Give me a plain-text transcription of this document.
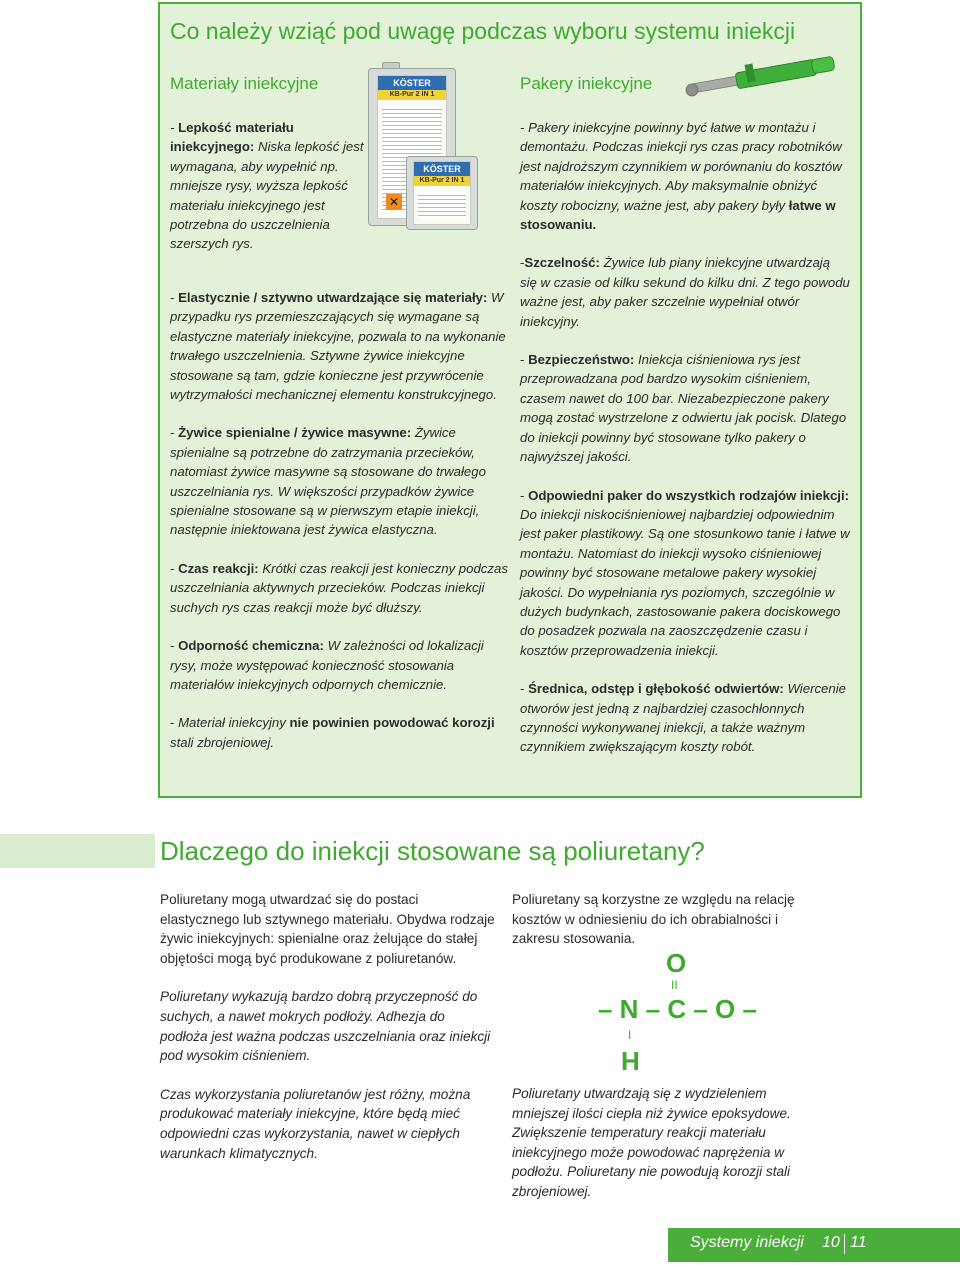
Co należy wziąć pod uwagę podczas wyboru systemu iniekcji
Materiały iniekcyjne	Pakery iniekcyjne
KÖSTER
KB-Pur 2 IN 1
✕
KÖSTER
KB-Pur 2 IN 1
- Lepkość materiału iniekcyjnego: Niska lepkość jest wymagana, aby wypełnić np. mniejsze rysy, wyższa lepkość materiału iniekcyjnego jest potrzebna do uszczelnienia szerszych rys.

- Elastycznie / sztywno utwardzające się materiały: W przypadku rys przemieszczających się wymagane są elastyczne materiały iniekcyjne, pozwala to na wykonanie trwałego uszczelnienia. Sztywne żywice iniekcyjne stosowane są tam, gdzie konieczne jest przywrócenie wytrzymałości mechanicznej elementu konstrukcyjnego.

- Żywice spienialne / żywice masywne: Żywice spienialne są potrzebne do zatrzymania przecieków, natomiast żywice masywne są stosowane do trwałego uszczelniania rys. W większości przypadków żywice spienialne stosowane są w pierwszym etapie iniekcji, następnie iniektowana jest żywica elastyczna.

- Czas reakcji: Krótki czas reakcji jest konieczny podczas uszczelniania aktywnych przecieków. Podczas iniekcji suchych rys czas reakcji może być dłuższy.

- Odporność chemiczna: W zależności od lokalizacji rysy, może występować konieczność stosowania materiałów iniekcyjnych odpornych chemicznie.

- Materiał iniekcyjny nie powinien powodować korozji stali zbrojeniowej.

- Pakery iniekcyjne powinny być łatwe w montażu i demontażu. Podczas iniekcji rys czas pracy robotników jest najdroższym czynnikiem w porównaniu do kosztów materiałów iniekcyjnych. Aby maksymalnie obniżyć koszty robocizny, ważne jest, aby pakery były łatwe w stosowaniu.

-Szczelność: Żywice lub piany iniekcyjne utwardzają się w czasie od kilku sekund do kilku dni. Z tego powodu ważne jest, aby paker szczelnie wypełniał otwór iniekcyjny.

- Bezpieczeństwo: Iniekcja ciśnieniowa rys jest przeprowadzana pod bardzo wysokim ciśnieniem, czasem nawet do 100 bar. Niezabezpieczone pakery mogą zostać wystrzelone z odwiertu jak pocisk. Dlatego do iniekcji powinny być stosowane tylko pakery o najwyższej jakości.

- Odpowiedni paker do wszystkich rodzajów iniekcji: Do iniekcji niskociśnieniowej najbardziej odpowiednim jest paker plastikowy. Są one stosunkowo tanie i łatwe w montażu. Natomiast do iniekcji wysoko ciśnieniowej powinny być stosowane metalowe pakery wysokiej jakości. Do wypełniania rys poziomych, szczególnie w dużych budynkach, zastosowanie pakera dociskowego do posadzek pozwala na zaoszczędzenie czasu i kosztów przeprowadzenia iniekcji.

- Średnica, odstęp i głębokość odwiertów: Wiercenie otworów jest jedną z najbardziej czasochłonnych czynności wykonywanej iniekcji, a także ważnym czynnikiem zwiększającym koszty robót.

Dlaczego do iniekcji stosowane są poliuretany?

Poliuretany mogą utwardzać się do postaci elastycznego lub sztywnego materiału. Obydwa rodzaje żywic iniekcyjnych: spienialne oraz żelujące do stałej objętości mogą być produkowane z poliuretanów.

Poliuretany wykazują bardzo dobrą przyczepność do suchych, a nawet mokrych podłoży. Adhezja do podłoża jest ważna podczas uszczelniania oraz iniekcji pod wysokim ciśnieniem.

Czas wykorzystania poliuretanów jest różny, można produkować materiały iniekcyjne, które będą mieć odpowiedni czas wykorzystania, nawet w ciepłych warunkach klimatycznych.

Poliuretany są korzystne ze względu na relację kosztów w odniesieniu do ich obrabialności i zakresu stosowania.

O
II
– N – C – O –
I
H

Poliuretany utwardzają się z wydzieleniem mniejszej ilości ciepła niż żywice epoksydowe. Zwiększenie temperatury reakcji materiału iniekcyjnego może powodować naprężenia w podłożu. Poliuretany nie powodują korozji stali zbrojeniowej.

Systemy iniekcji 10 11
